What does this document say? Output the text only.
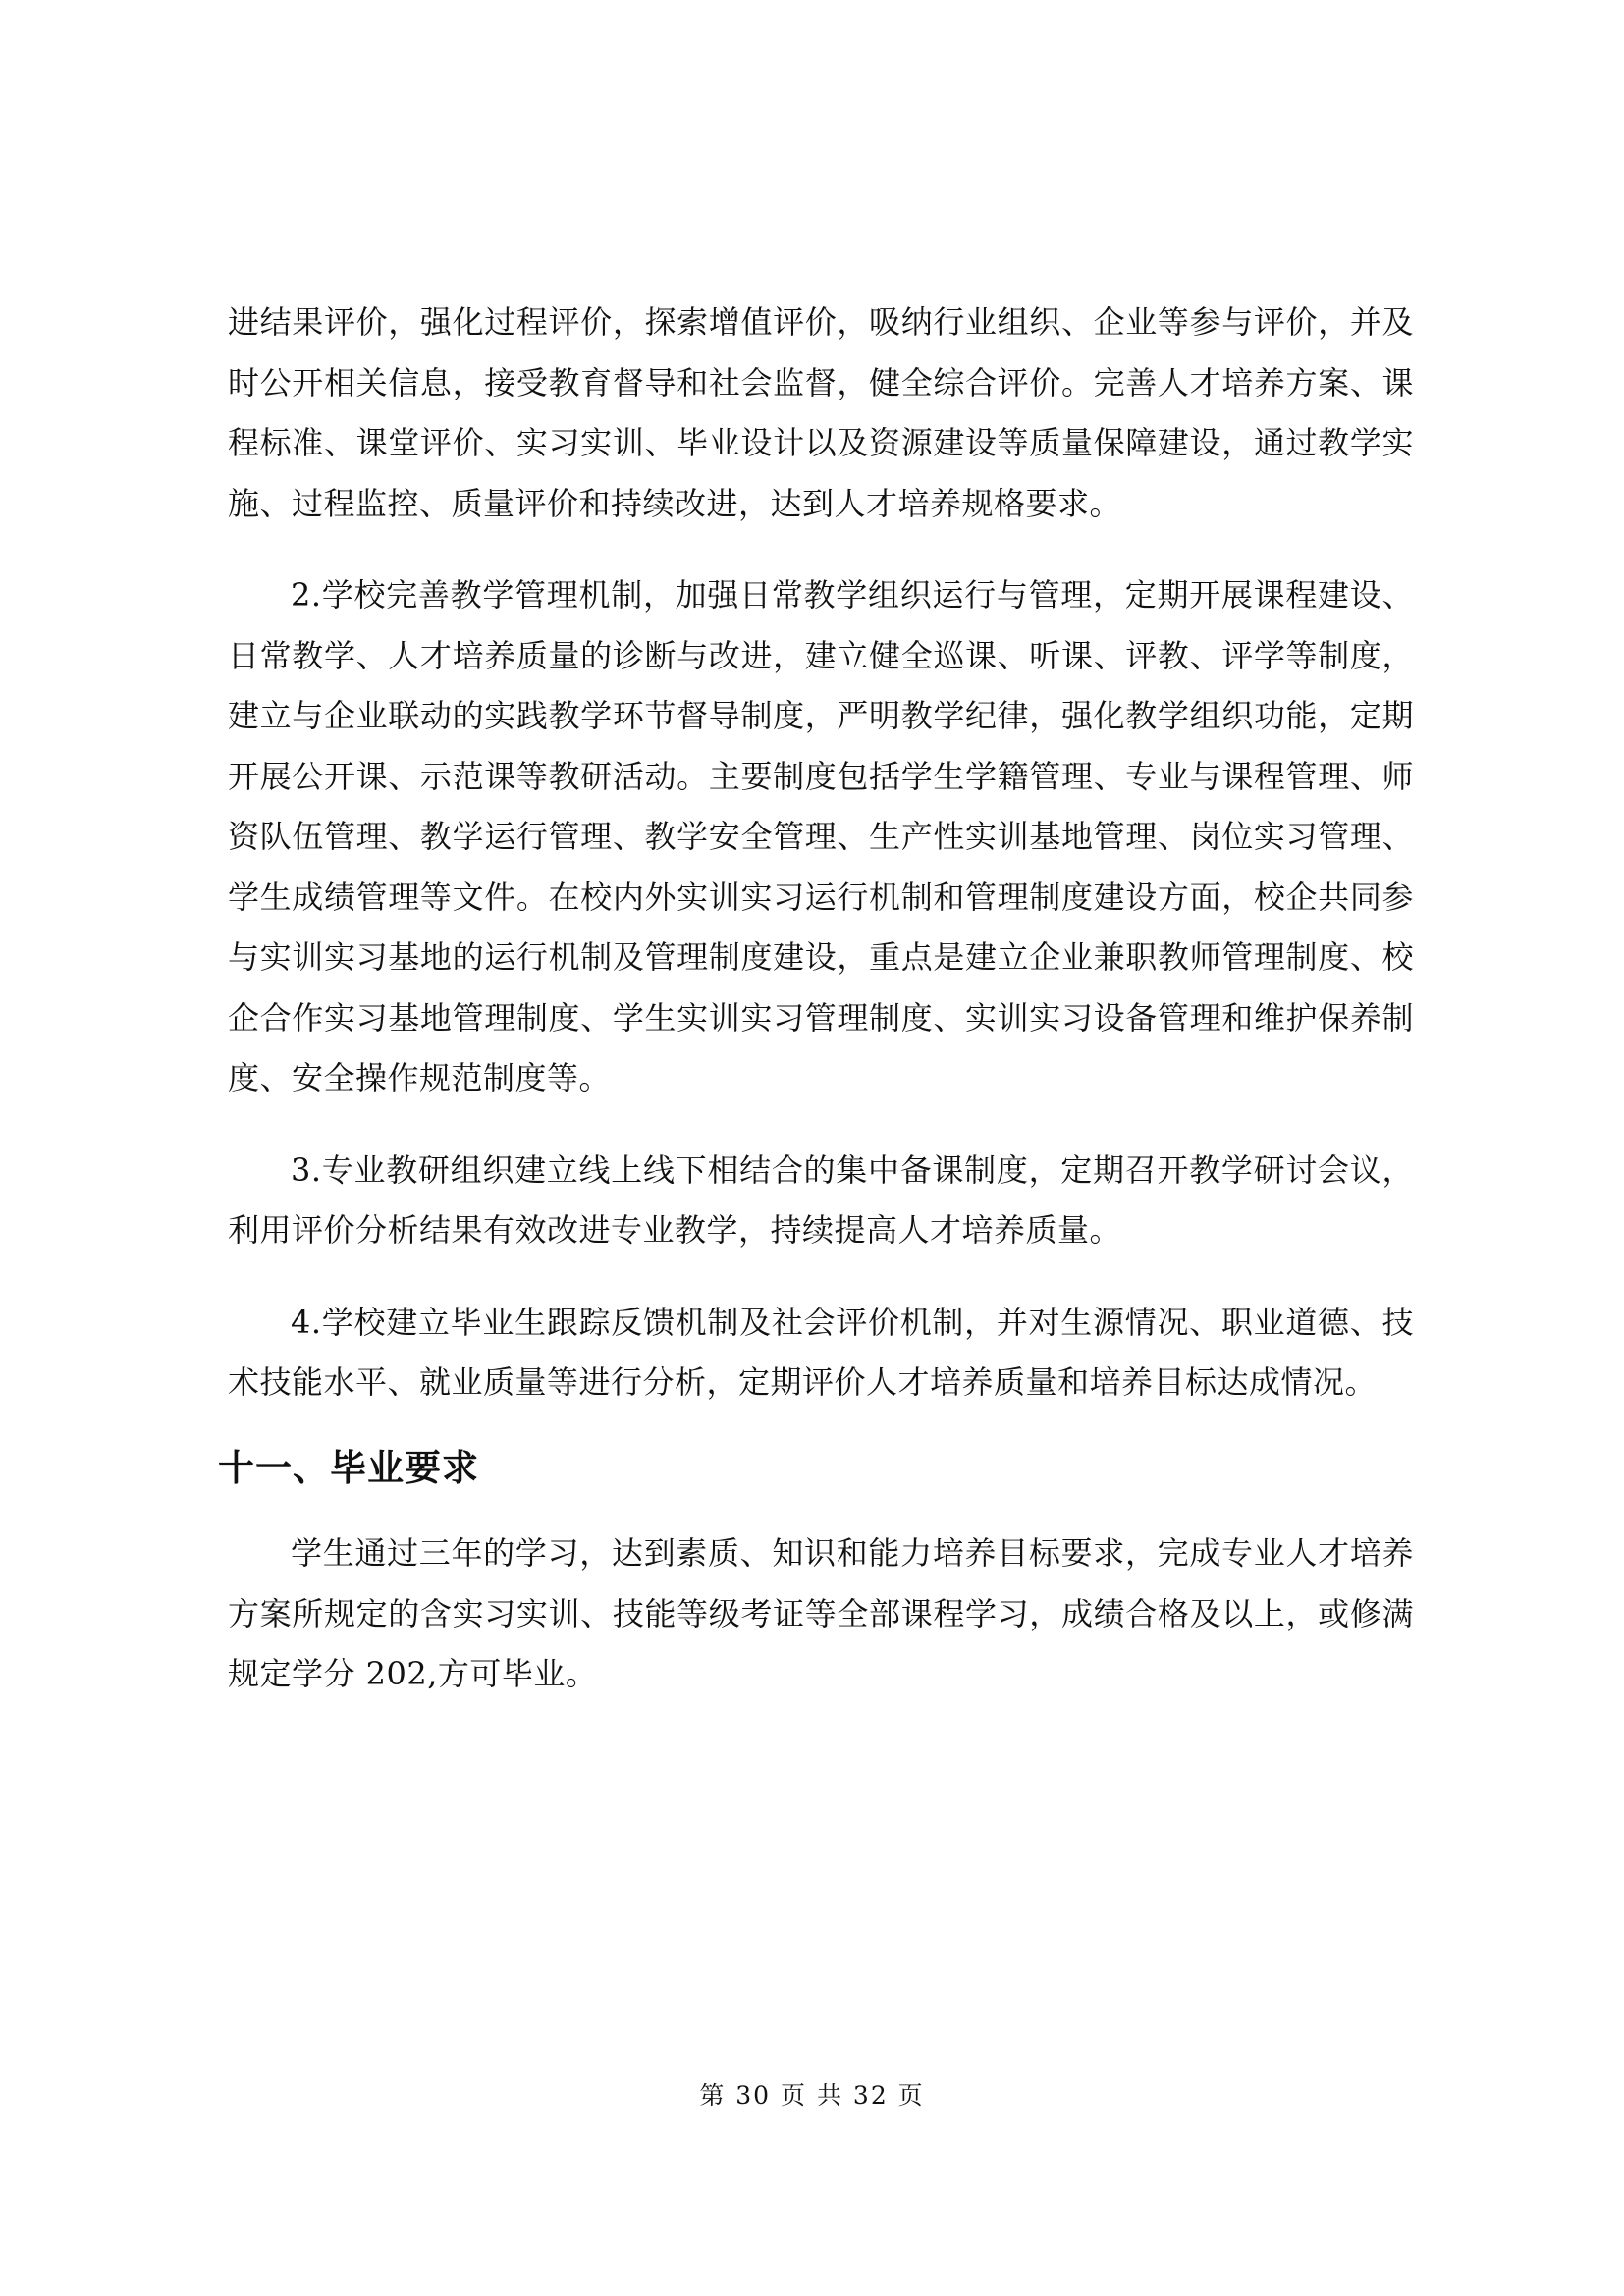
进结果评价，强化过程评价，探索增值评价，吸纳行业组织、企业等参与评价，并及时公开相关信息，接受教育督导和社会监督，健全综合评价。完善人才培养方案、课程标准、课堂评价、实习实训、毕业设计以及资源建设等质量保障建设，通过教学实施、过程监控、质量评价和持续改进，达到人才培养规格要求。

2.学校完善教学管理机制，加强日常教学组织运行与管理，定期开展课程建设、日常教学、人才培养质量的诊断与改进，建立健全巡课、听课、评教、评学等制度，建立与企业联动的实践教学环节督导制度，严明教学纪律，强化教学组织功能，定期开展公开课、示范课等教研活动。主要制度包括学生学籍管理、专业与课程管理、师资队伍管理、教学运行管理、教学安全管理、生产性实训基地管理、岗位实习管理、学生成绩管理等文件。在校内外实训实习运行机制和管理制度建设方面，校企共同参与实训实习基地的运行机制及管理制度建设，重点是建立企业兼职教师管理制度、校企合作实习基地管理制度、学生实训实习管理制度、实训实习设备管理和维护保养制度、安全操作规范制度等。

3.专业教研组织建立线上线下相结合的集中备课制度，定期召开教学研讨会议，利用评价分析结果有效改进专业教学，持续提高人才培养质量。

4.学校建立毕业生跟踪反馈机制及社会评价机制，并对生源情况、职业道德、技术技能水平、就业质量等进行分析，定期评价人才培养质量和培养目标达成情况。

十一、毕业要求

学生通过三年的学习，达到素质、知识和能力培养目标要求，完成专业人才培养方案所规定的含实习实训、技能等级考证等全部课程学习，成绩合格及以上，或修满规定学分 202,方可毕业。

第 30 页 共 32 页
